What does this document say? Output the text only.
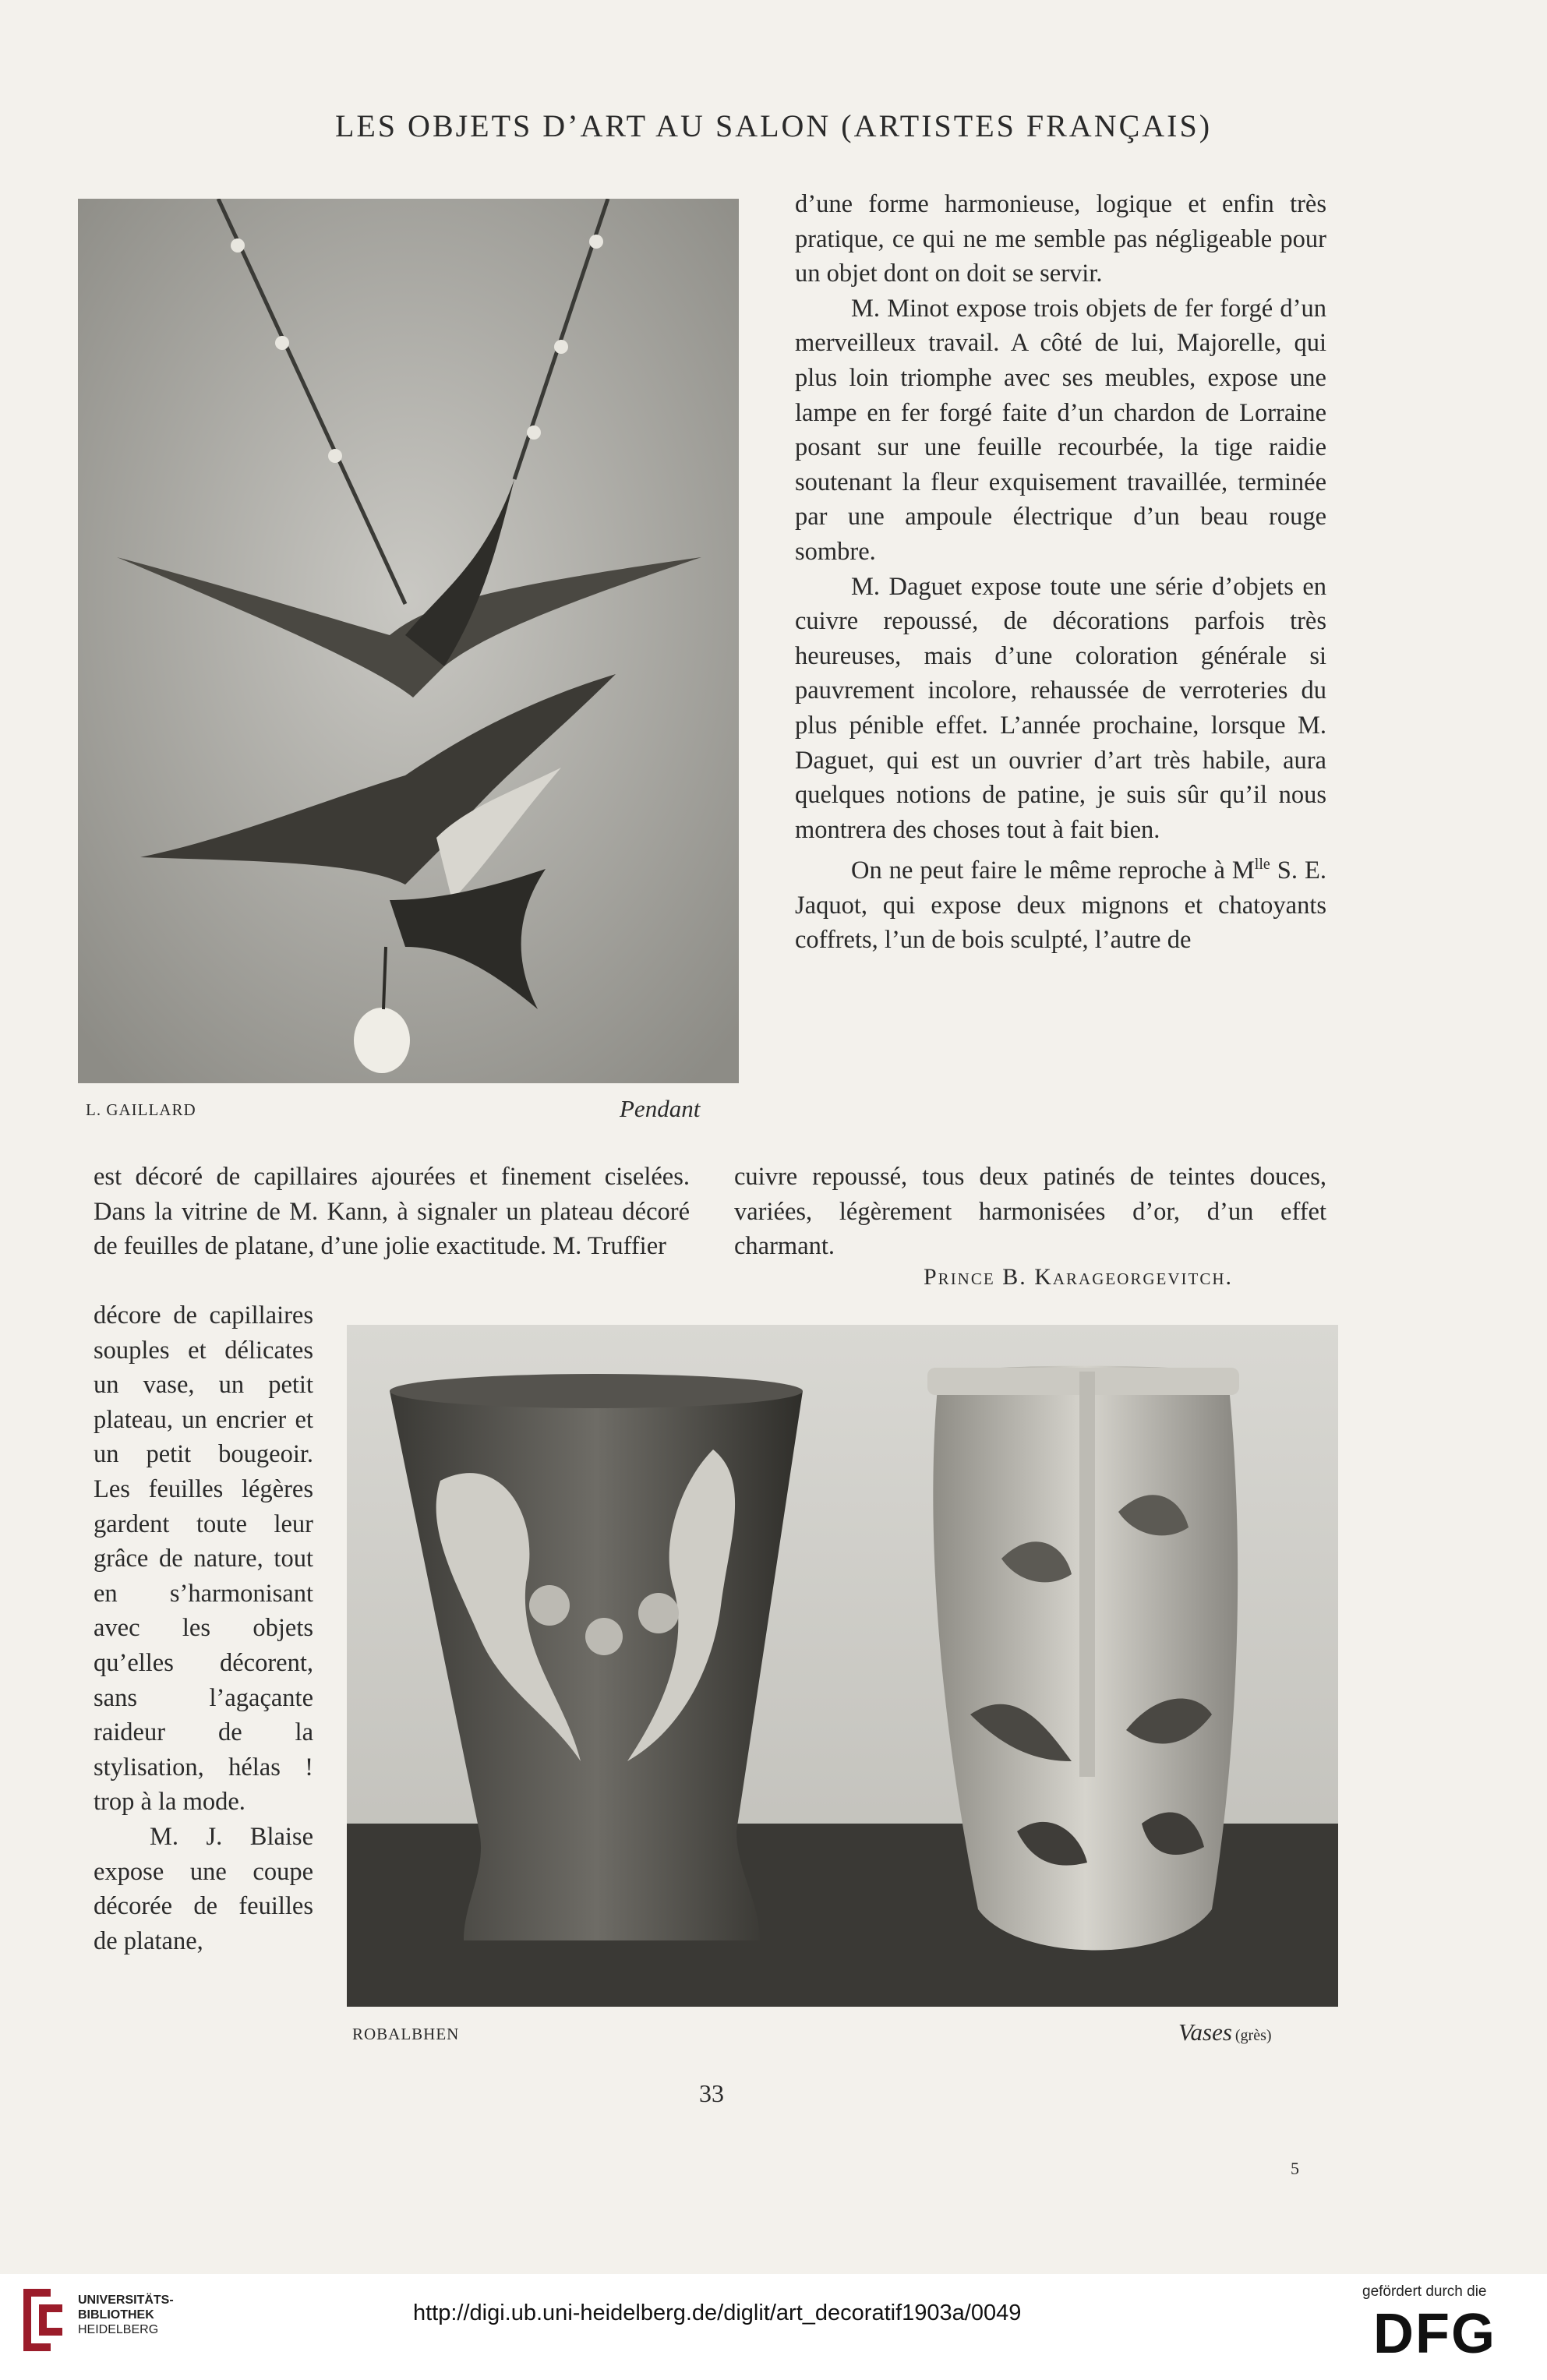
LES OBJETS D’ART AU SALON (ARTISTES FRANÇAIS)
L. GAILLARD	Pendant

d’une forme harmonieuse, logique et enfin très pratique, ce qui ne me semble pas négligeable pour un objet dont on doit se servir.

M. Minot expose trois objets de fer forgé d’un merveilleux travail. A côté de lui, Majorelle, qui plus loin triomphe avec ses meubles, expose une lampe en fer forgé faite d’un chardon de Lorraine posant sur une feuille recourbée, la tige raidie soutenant la fleur exquisement travaillée, terminée par une ampoule électrique d’un beau rouge sombre.

M. Daguet expose toute une série d’objets en cuivre repoussé, de décorations parfois très heureuses, mais d’une coloration générale si pauvrement incolore, rehaussée de verroteries du plus pénible effet. L’année prochaine, lorsque M. Daguet, qui est un ouvrier d’art très habile, aura quelques notions de patine, je suis sûr qu’il nous montrera des choses tout à fait bien.

On ne peut faire le même reproche à $M^{lle}$ S. E. Jaquot, qui expose deux mignons et chatoyants coffrets, l’un de bois sculpté, l’autre de

est décoré de capillaires ajourées et finement ciselées. Dans la vitrine de M. Kann, à signaler un plateau décoré de feuilles de platane, d’une jolie exactitude. M. Truffier
cuivre repoussé, tous deux patinés de teintes douces, variées, légèrement harmonisées d’or, d’un effet charmant.
Prince B. Karageorgevitch.

décore de capillaires souples et délicates un vase, un petit plateau, un encrier et un petit bougeoir. Les feuilles légères gardent toute leur grâce de nature, tout en s’harmonisant avec les objets qu’elles décorent, sans l’agaçante raideur de la stylisation, hélas ! trop à la mode.

M. J. Blaise expose une coupe décorée de feuilles de platane,

ROBALBHEN	Vases (grès)
33
5
UNIVERSITÄTS-
BIBLIOTHEK
HEIDELBERG
http://digi.ub.uni-heidelberg.de/diglit/art_decoratif1903a/0049
gefördert durch die
DFG
